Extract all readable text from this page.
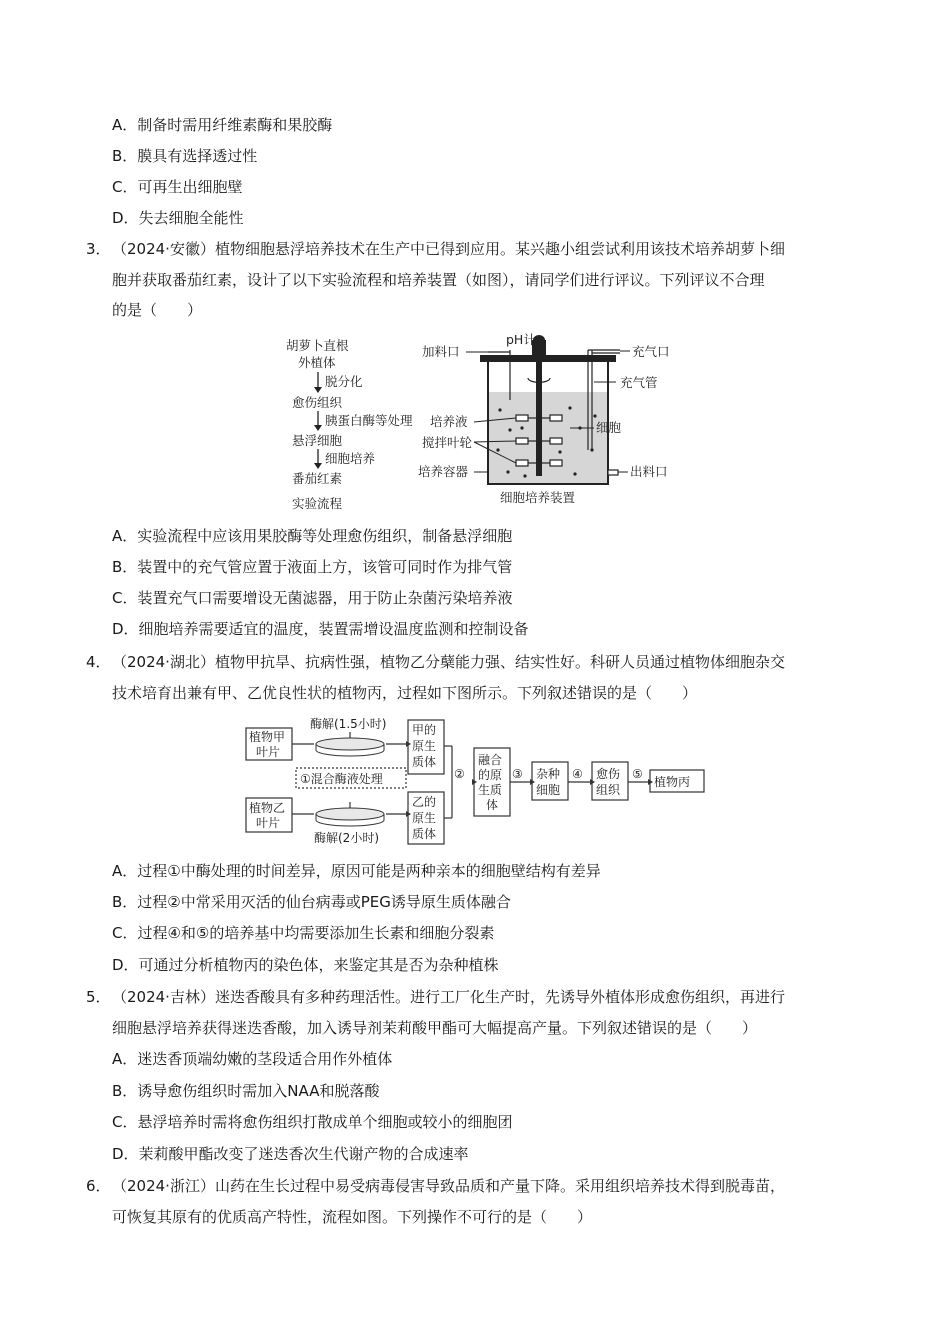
A．制备时需用纤维素酶和果胶酶
B．膜具有选择透过性
C．可再生出细胞壁
D．失去细胞全能性
3． （2024·安徽）植物细胞悬浮培养技术在生产中已得到应用。某兴趣小组尝试利用该技术培养胡萝卜细
胞并获取番茄红素，设计了以下实验流程和培养装置（如图），请同学们进行评议。下列评议不合理
的是（　　）
胡萝卜直根
外植体
脱分化
愈伤组织
胰蛋白酶等处理
悬浮细胞
细胞培养
番茄红素
实验流程
加料口
pH计
充气口
充气管
培养液
搅拌叶轮
培养容器
细胞
出料口
细胞培养装置
A．实验流程中应该用果胶酶等处理愈伤组织，制备悬浮细胞
B．装置中的充气管应置于液面上方，该管可同时作为排气管
C．装置充气口需要增设无菌滤器，用于防止杂菌污染培养液
D．细胞培养需要适宜的温度，装置需增设温度监测和控制设备
4． （2024·湖北）植物甲抗旱、抗病性强，植物乙分蘖能力强、结实性好。科研人员通过植物体细胞杂交
技术培育出兼有甲、乙优良性状的植物丙，过程如下图所示。下列叙述错误的是（　　）
植物甲
叶片
酶解(1.5小时) 甲的
原生
质体
①混合酶液处理
植物乙
叶片
酶解(2小时)
乙的
原生
质体
②
融合
的原
生质
体
③ 杂种
细胞
④ 愈伤
组织
⑤
植物丙
A．过程①中酶处理的时间差异，原因可能是两种亲本的细胞壁结构有差异
B．过程②中常采用灭活的仙台病毒或PEG诱导原生质体融合
C．过程④和⑤的培养基中均需要添加生长素和细胞分裂素
D．可通过分析植物丙的染色体，来鉴定其是否为杂种植株
5． （2024·吉林）迷迭香酸具有多种药理活性。进行工厂化生产时，先诱导外植体形成愈伤组织，再进行
细胞悬浮培养获得迷迭香酸，加入诱导剂茉莉酸甲酯可大幅提高产量。下列叙述错误的是（　　）
A．迷迭香顶端幼嫩的茎段适合用作外植体
B．诱导愈伤组织时需加入NAA和脱落酸
C．悬浮培养时需将愈伤组织打散成单个细胞或较小的细胞团
D．茉莉酸甲酯改变了迷迭香次生代谢产物的合成速率
6． （2024·浙江）山药在生长过程中易受病毒侵害导致品质和产量下降。采用组织培养技术得到脱毒苗，
可恢复其原有的优质高产特性，流程如图。下列操作不可行的是（　　）
